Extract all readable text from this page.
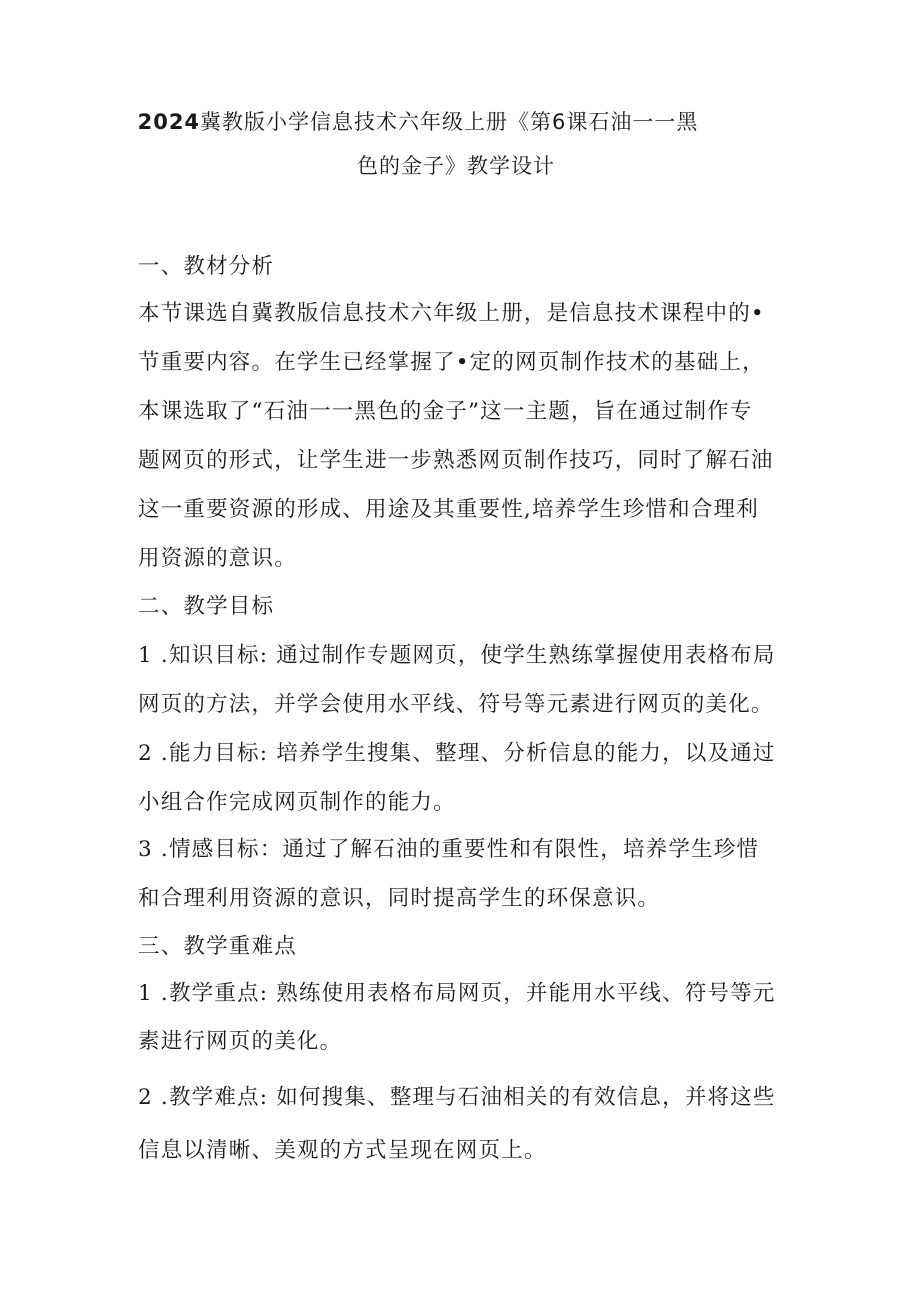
2024冀教版小学信息技术六年级上册《第6课石油一一黑
色的金子》教学设计
一、教材分析
本节课选自冀教版信息技术六年级上册，是信息技术课程中的•
节重要内容。在学生已经掌握了•定的网页制作技术的基础上，
本课选取了“石油一一黑色的金子”这一主题，旨在通过制作专
题网页的形式，让学生进一步熟悉网页制作技巧，同时了解石油
这一重要资源的形成、用途及其重要性,培养学生珍惜和合理利
用资源的意识。
二、教学目标
1 .知识目标: 通过制作专题网页，使学生熟练掌握使用表格布局
网页的方法，并学会使用水平线、符号等元素进行网页的美化。
2 .能力目标: 培养学生搜集、整理、分析信息的能力，以及通过
小组合作完成网页制作的能力。
3 .情感目标：通过了解石油的重要性和有限性，培养学生珍惜
和合理利用资源的意识，同时提高学生的环保意识。
三、教学重难点
1 .教学重点: 熟练使用表格布局网页，并能用水平线、符号等元
素进行网页的美化。
2 .教学难点: 如何搜集、整理与石油相关的有效信息，并将这些
信息以清晰、美观的方式呈现在网页上。
